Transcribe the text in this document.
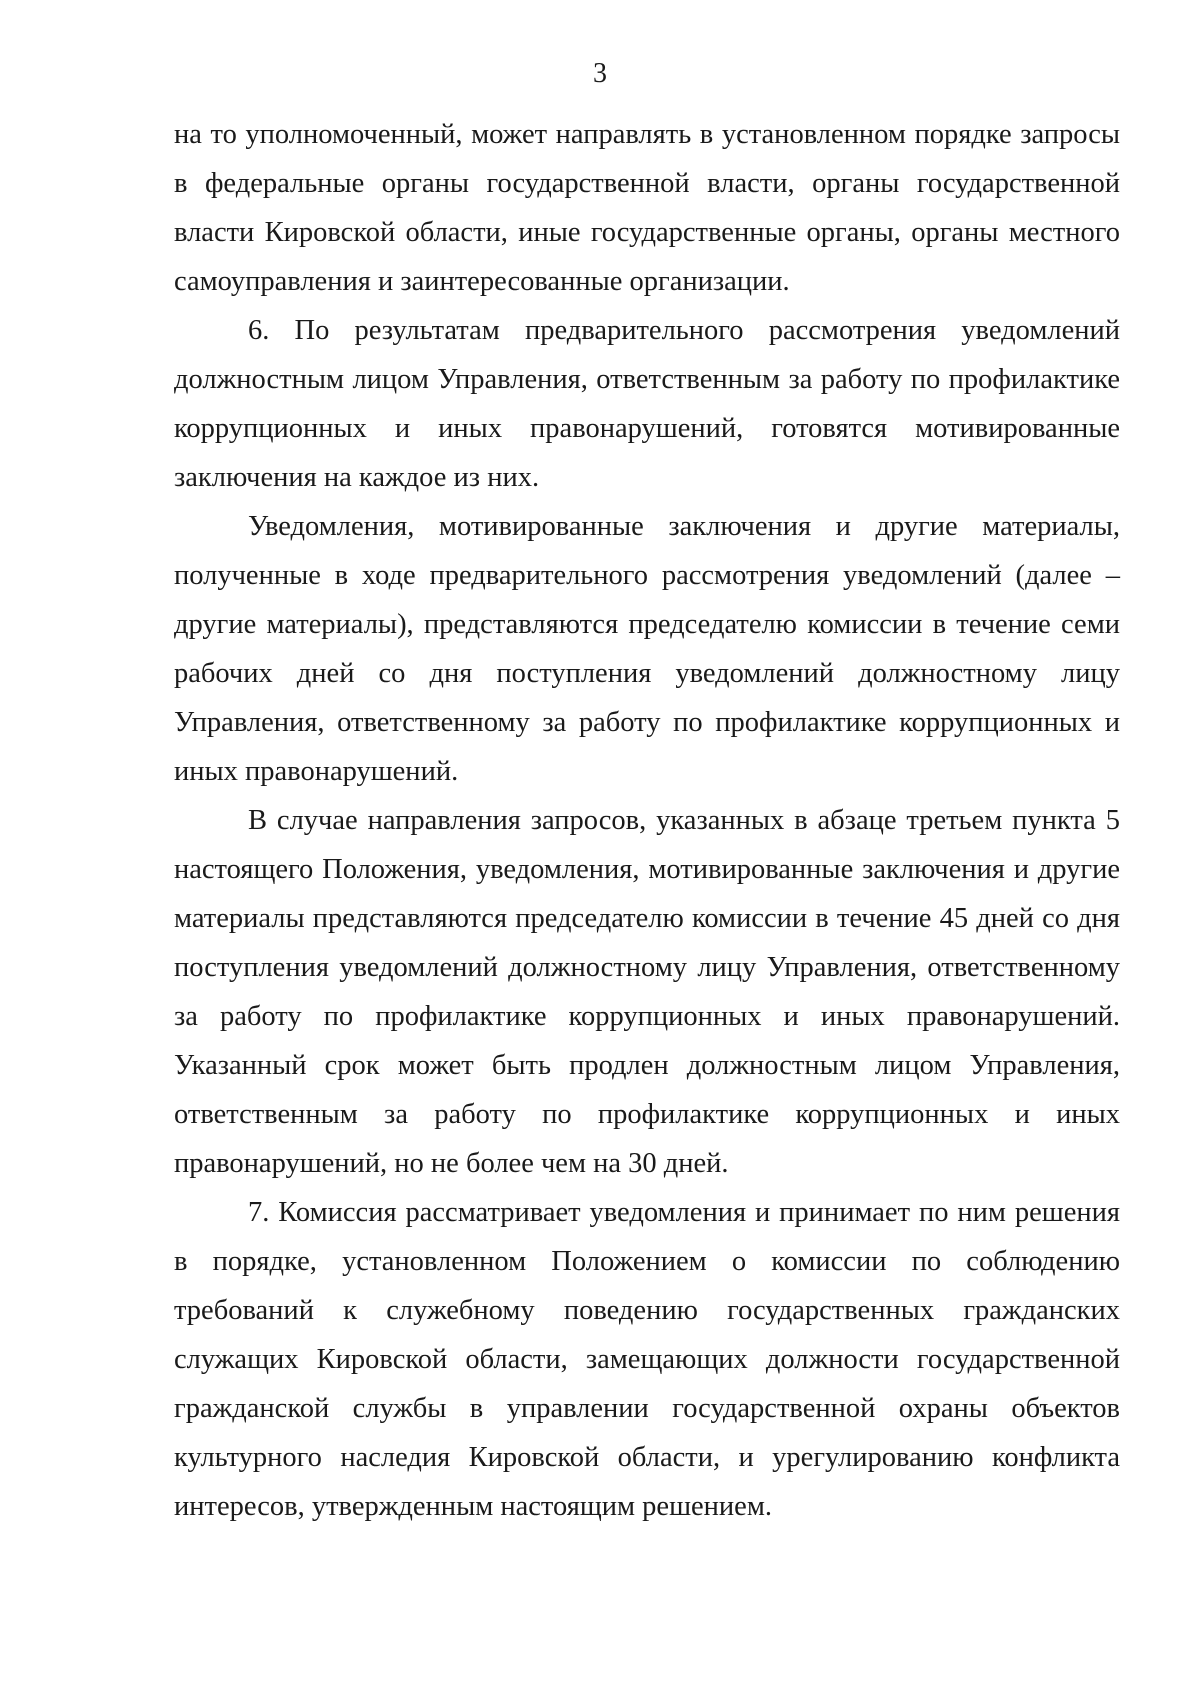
3

на то уполномоченный, может направлять в установленном порядке запросы в федеральные органы государственной власти, органы государственной власти Кировской области, иные государственные органы, органы местного самоуправления и заинтересованные организации.

6. По результатам предварительного рассмотрения уведомлений должностным лицом Управления, ответственным за работу по профилактике коррупционных и иных правонарушений, готовятся мотивированные заключения на каждое из них.

Уведомления, мотивированные заключения и другие материалы, полученные в ходе предварительного рассмотрения уведомлений (далее – другие материалы), представляются председателю комиссии в течение семи рабочих дней со дня поступления уведомлений должностному лицу Управления, ответственному за работу по профилактике коррупционных и иных правонарушений.

В случае направления запросов, указанных в абзаце третьем пункта 5 настоящего Положения, уведомления, мотивированные заключения и другие материалы представляются председателю комиссии в течение 45 дней со дня поступления уведомлений должностному лицу Управления, ответственному за работу по профилактике коррупционных и иных правонарушений. Указанный срок может быть продлен должностным лицом Управления, ответственным за работу по профилактике коррупционных и иных правонарушений, но не более чем на 30 дней.

7. Комиссия рассматривает уведомления и принимает по ним решения в порядке, установленном Положением о комиссии по соблюдению требований к служебному поведению государственных гражданских служащих Кировской области, замещающих должности государственной гражданской службы в управлении государственной охраны объектов культурного наследия Кировской области, и урегулированию конфликта интересов, утвержденным настоящим решением.
